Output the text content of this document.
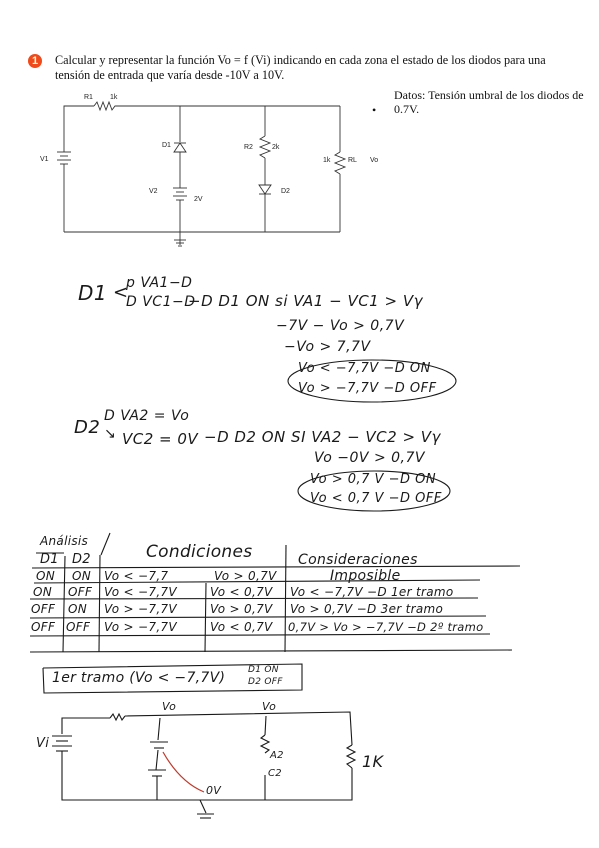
1	Calcular y representar la función Vo = f (Vi) indicando en cada zona el estado de los diodos para una tensión de entrada que varía desde -10V a 10V.
•
Datos: Tensión umbral de los diodos de 0.7V.
R1 1k
V1
D1	R2	2k
1k	RL Vo
V2
2V
D2
D1 <
p VA1−D
D VC1−D
−D D1 ON si VA1 − VC1 > Vγ
−7V − Vo > 0,7V
−Vo > 7,7V
Vo < −7,7V −D ON
Vo > −7,7V −D OFF
D2
D VA2 = Vo
↘ VC2 = 0V −D D2 ON SI VA2 − VC2 > Vγ
Vo −0V > 0,7V
Vo > 0,7 V −D ON
Vo < 0,7 V −D OFF
Análisis
D1 D2	Condiciones	Consideraciones
ON ON Vo < −7,7	Vo > 0,7V	Imposible
ON OFF Vo < −7,7V	Vo < 0,7V Vo < −7,7V −D 1er tramo
OFF ON Vo > −7,7V	Vo > 0,7V Vo > 0,7V −D 3er tramo
OFF OFF Vo > −7,7V	Vo < 0,7V 0,7V > Vo > −7,7V −D 2º tramo
1er tramo (Vo < −7,7V)	D1 ON
D2 OFF
Vo	Vo
Vi
A2
C2
0V
1K
